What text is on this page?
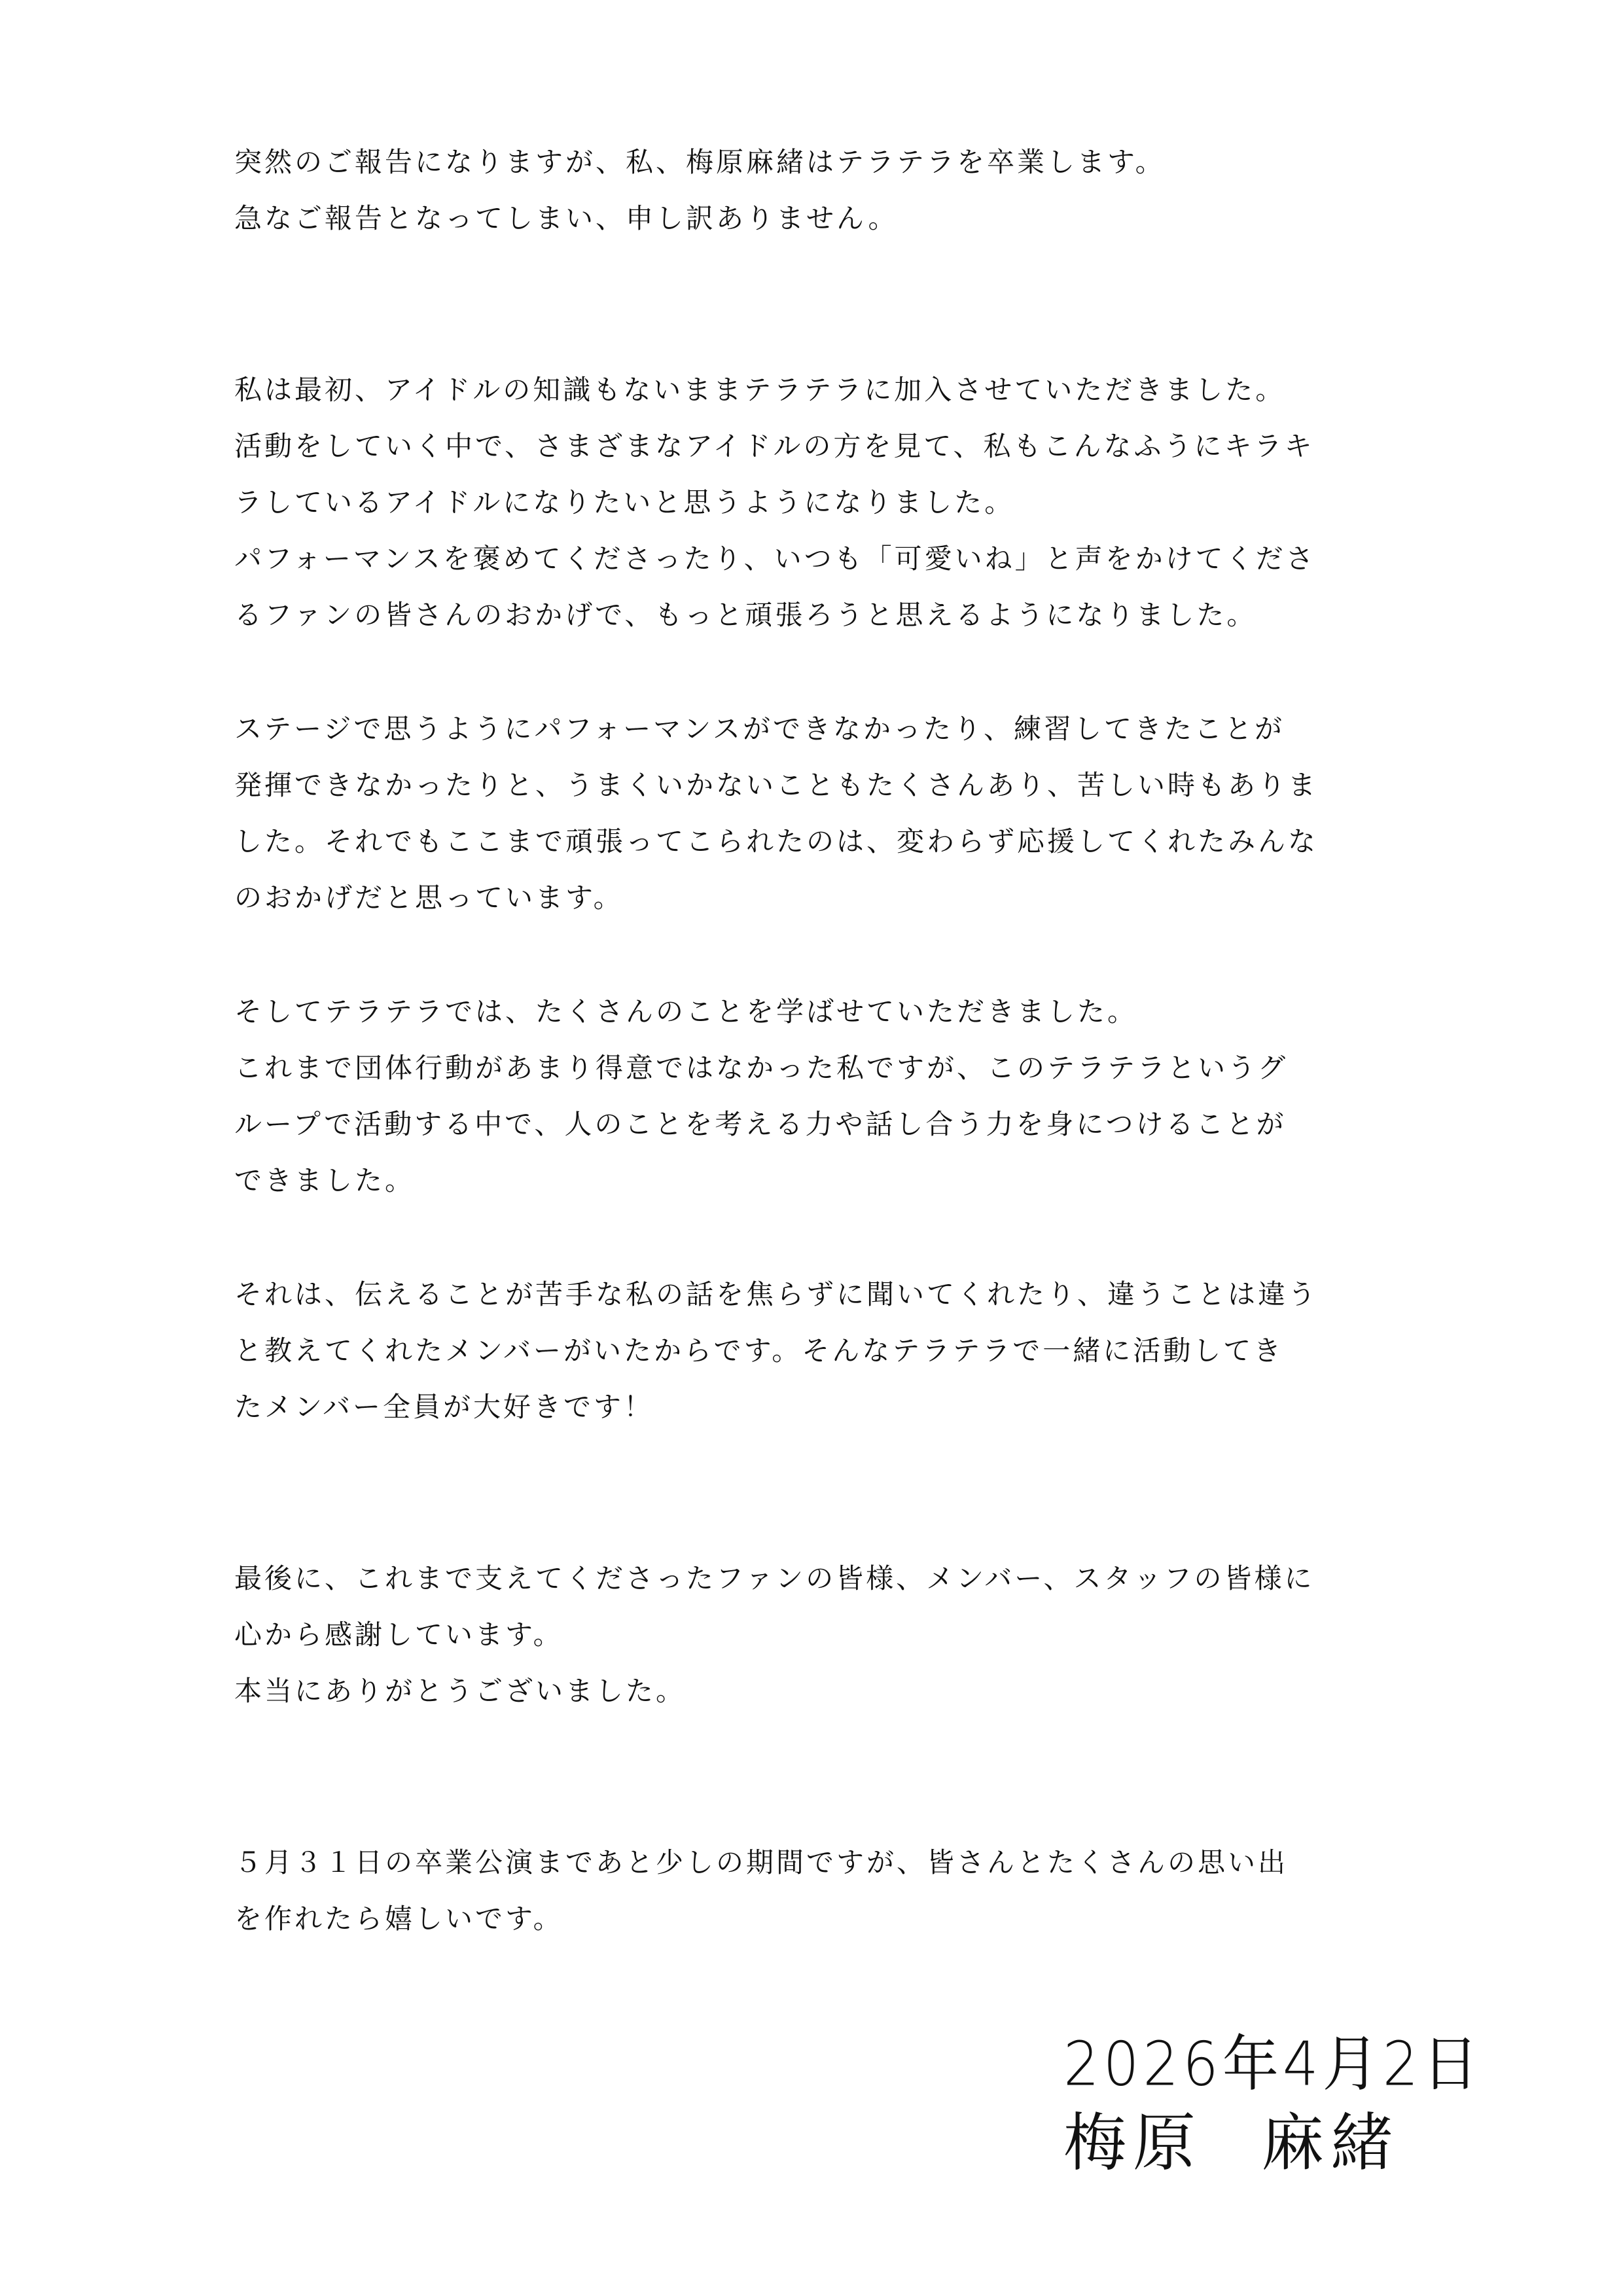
突然のご報告になりますが、私、梅原麻緒はテラテラを卒業します。
急なご報告となってしまい、申し訳ありません。
私は最初、アイドルの知識もないままテラテラに加入させていただきました。
活動をしていく中で、さまざまなアイドルの方を見て、私もこんなふうにキラキ
ラしているアイドルになりたいと思うようになりました。
パフォーマンスを褒めてくださったり、いつも「可愛いね」と声をかけてくださ
るファンの皆さんのおかげで、もっと頑張ろうと思えるようになりました。
ステージで思うようにパフォーマンスができなかったり、練習してきたことが
発揮できなかったりと、うまくいかないこともたくさんあり、苦しい時もありま
した。それでもここまで頑張ってこられたのは、変わらず応援してくれたみんな
のおかげだと思っています。
そしてテラテラでは、たくさんのことを学ばせていただきました。
これまで団体行動があまり得意ではなかった私ですが、このテラテラというグ
ループで活動する中で、人のことを考える力や話し合う力を身につけることが
できました。
それは、伝えることが苦手な私の話を焦らずに聞いてくれたり、違うことは違う
と教えてくれたメンバーがいたからです。そんなテラテラで一緒に活動してき
たメンバー全員が大好きです！
最後に、これまで支えてくださったファンの皆様、メンバー、スタッフの皆様に
心から感謝しています。
本当にありがとうございました。
５月３１日の卒業公演まであと少しの期間ですが、皆さんとたくさんの思い出
を作れたら嬉しいです。
2026年4月2日
梅原 麻緒
